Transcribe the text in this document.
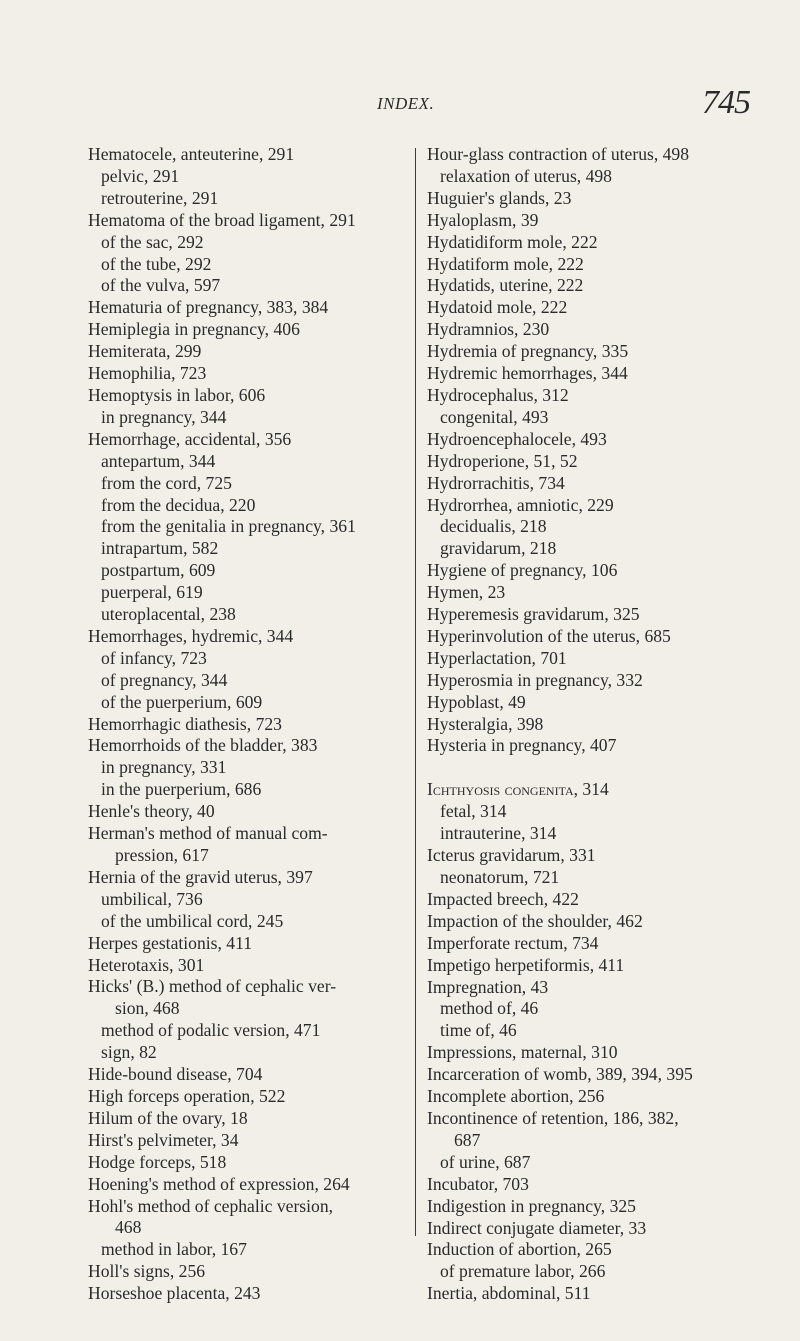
INDEX.	745
Hematocele, anteuterine, 291
pelvic, 291
retrouterine, 291
Hematoma of the broad ligament, 291
of the sac, 292
of the tube, 292
of the vulva, 597
Hematuria of pregnancy, 383, 384
Hemiplegia in pregnancy, 406
Hemiterata, 299
Hemophilia, 723
Hemoptysis in labor, 606
in pregnancy, 344
Hemorrhage, accidental, 356
antepartum, 344
from the cord, 725
from the decidua, 220
from the genitalia in pregnancy, 361
intrapartum, 582
postpartum, 609
puerperal, 619
uteroplacental, 238
Hemorrhages, hydremic, 344
of infancy, 723
of pregnancy, 344
of the puerperium, 609
Hemorrhagic diathesis, 723
Hemorrhoids of the bladder, 383
in pregnancy, 331
in the puerperium, 686
Henle's theory, 40
Herman's method of manual com-
pression, 617
Hernia of the gravid uterus, 397
umbilical, 736
of the umbilical cord, 245
Herpes gestationis, 411
Heterotaxis, 301
Hicks' (B.) method of cephalic ver-
sion, 468
method of podalic version, 471
sign, 82
Hide-bound disease, 704
High forceps operation, 522
Hilum of the ovary, 18
Hirst's pelvimeter, 34
Hodge forceps, 518
Hoening's method of expression, 264
Hohl's method of cephalic version,
468
method in labor, 167
Holl's signs, 256
Horseshoe placenta, 243
Hour-glass contraction of uterus, 498
relaxation of uterus, 498
Huguier's glands, 23
Hyaloplasm, 39
Hydatidiform mole, 222
Hydatiform mole, 222
Hydatids, uterine, 222
Hydatoid mole, 222
Hydramnios, 230
Hydremia of pregnancy, 335
Hydremic hemorrhages, 344
Hydrocephalus, 312
congenital, 493
Hydroencephalocele, 493
Hydroperione, 51, 52
Hydrorrachitis, 734
Hydrorrhea, amniotic, 229
decidualis, 218
gravidarum, 218
Hygiene of pregnancy, 106
Hymen, 23
Hyperemesis gravidarum, 325
Hyperinvolution of the uterus, 685
Hyperlactation, 701
Hyperosmia in pregnancy, 332
Hypoblast, 49
Hysteralgia, 398
Hysteria in pregnancy, 407
Ichthyosis congenita, 314
fetal, 314
intrauterine, 314
Icterus gravidarum, 331
neonatorum, 721
Impacted breech, 422
Impaction of the shoulder, 462
Imperforate rectum, 734
Impetigo herpetiformis, 411
Impregnation, 43
method of, 46
time of, 46
Impressions, maternal, 310
Incarceration of womb, 389, 394, 395
Incomplete abortion, 256
Incontinence of retention, 186, 382,
687
of urine, 687
Incubator, 703
Indigestion in pregnancy, 325
Indirect conjugate diameter, 33
Induction of abortion, 265
of premature labor, 266
Inertia, abdominal, 511
